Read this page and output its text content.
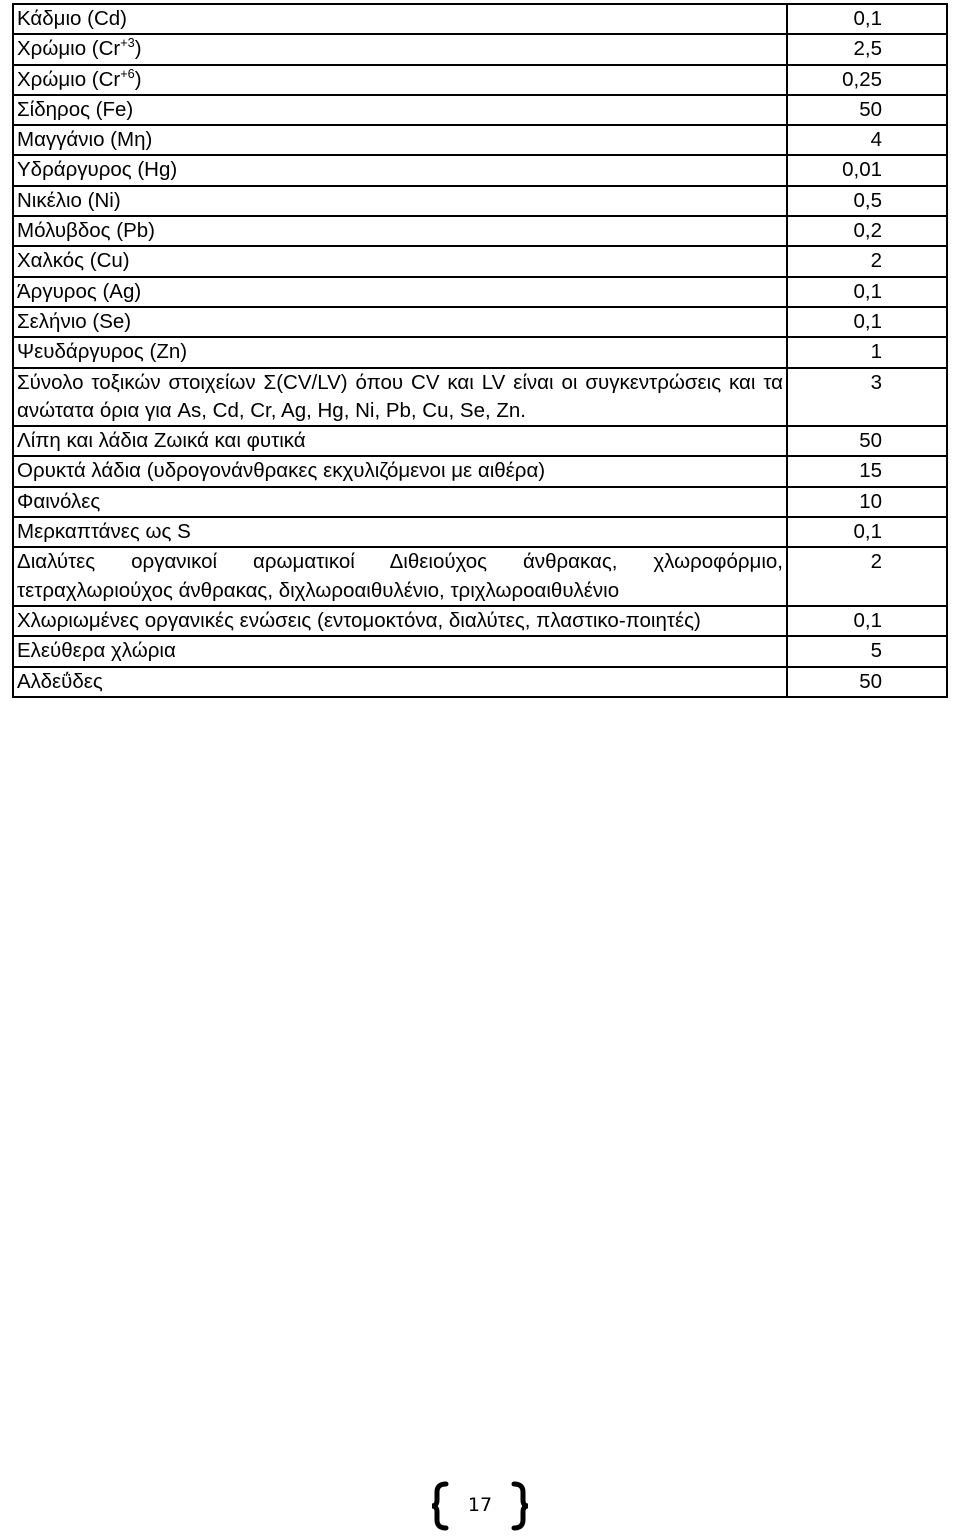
Κάδμιο (Cd)	0,1
Χρώμιο $(Cr^{+3})$	2,5
Χρώμιο $(Cr^{+6})$	0,25
Σίδηρος (Fe)	50
Μαγγάνιο (Mη)	4
Υδράργυρος (Hg)	0,01
Νικέλιο (Ni)	0,5
Μόλυβδος (Pb)	0,2
Χαλκός (Cu)	2
Άργυρος (Ag)	0,1
Σελήνιο (Se)	0,1
Ψευδάργυρος (Zn)	1
Σύνολο τοξικών στοιχείων Σ(CV/LV) όπου CV και LV είναι οι συγκεντρώσεις και τα ανώτατα όρια για As, Cd, Cr, Ag, Hg, Ni, Pb, Cu, Se, Zn.	3
Λίπη και λάδια Ζωικά και φυτικά	50
Ορυκτά λάδια (υδρογονάνθρακες εκχυλιζόμενοι με αιθέρα)	15
Φαινόλες	10
Μερκαπτάνες ως S	0,1
Διαλύτες οργανικοί αρωματικοί Διθειούχος άνθρακας, χλωροφόρμιο, τετραχλωριούχος άνθρακας, διχλωροαιθυλένιο, τριχλωροαιθυλένιο	2
Χλωριωμένες οργανικές ενώσεις (εντομοκτόνα, διαλύτες, πλαστικο-ποιητές)	0,1
Ελεύθερα χλώρια	5
Αλδεΰδες	50
17
